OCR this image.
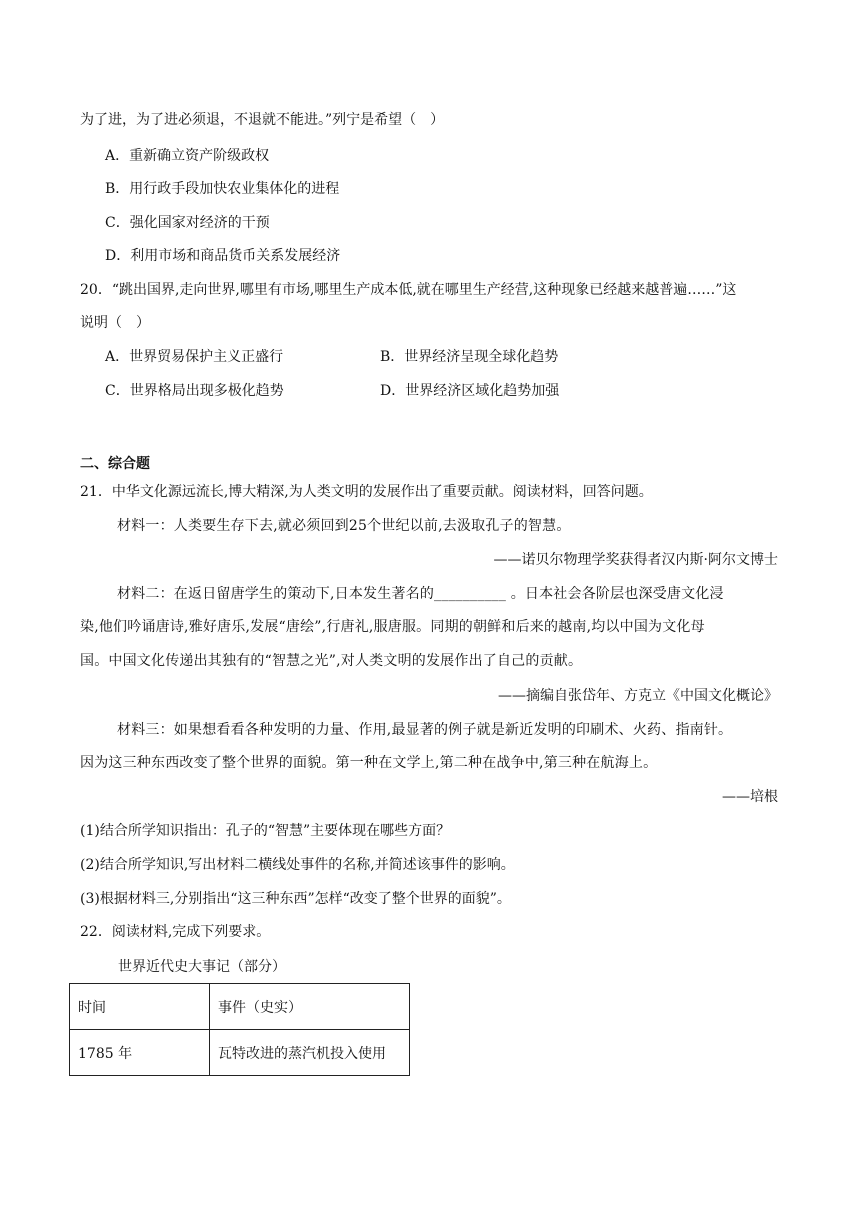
为了进，为了进必须退，不退就不能进。”列宁是希望（　）
A．重新确立资产阶级政权
B．用行政手段加快农业集体化的进程
C．强化国家对经济的干预
D．利用市场和商品货币关系发展经济
20．“跳出国界,走向世界,哪里有市场,哪里生产成本低,就在哪里生产经营,这种现象已经越来越普遍……”这
说明（　）
A．世界贸易保护主义正盛行	B．世界经济呈现全球化趋势
C．世界格局出现多极化趋势	D．世界经济区域化趋势加强
二、综合题
21．中华文化源远流长,博大精深,为人类文明的发展作出了重要贡献。阅读材料，回答问题。
材料一：人类要生存下去,就必须回到25个世纪以前,去汲取孔子的智慧。
——诺贝尔物理学奖获得者汉内斯·阿尔文博士
材料二：在返日留唐学生的策动下,日本发生著名的__________ 。日本社会各阶层也深受唐文化浸
染,他们吟诵唐诗,雅好唐乐,发展“唐绘”,行唐礼,服唐服。同期的朝鲜和后来的越南,均以中国为文化母
国。中国文化传递出其独有的“智慧之光”,对人类文明的发展作出了自己的贡献。
——摘编自张岱年、方克立《中国文化概论》
材料三：如果想看看各种发明的力量、作用,最显著的例子就是新近发明的印刷术、火药、指南针。
因为这三种东西改变了整个世界的面貌。第一种在文学上,第二种在战争中,第三种在航海上。
——培根
(1)结合所学知识指出：孔子的“智慧”主要体现在哪些方面？
(2)结合所学知识,写出材料二横线处事件的名称,并简述该事件的影响。
(3)根据材料三,分别指出“这三种东西”怎样“改变了整个世界的面貌”。
22．阅读材料,完成下列要求。
世界近代史大事记（部分）
时间	事件（史实）
1785 年	瓦特改进的蒸汽机投入使用
